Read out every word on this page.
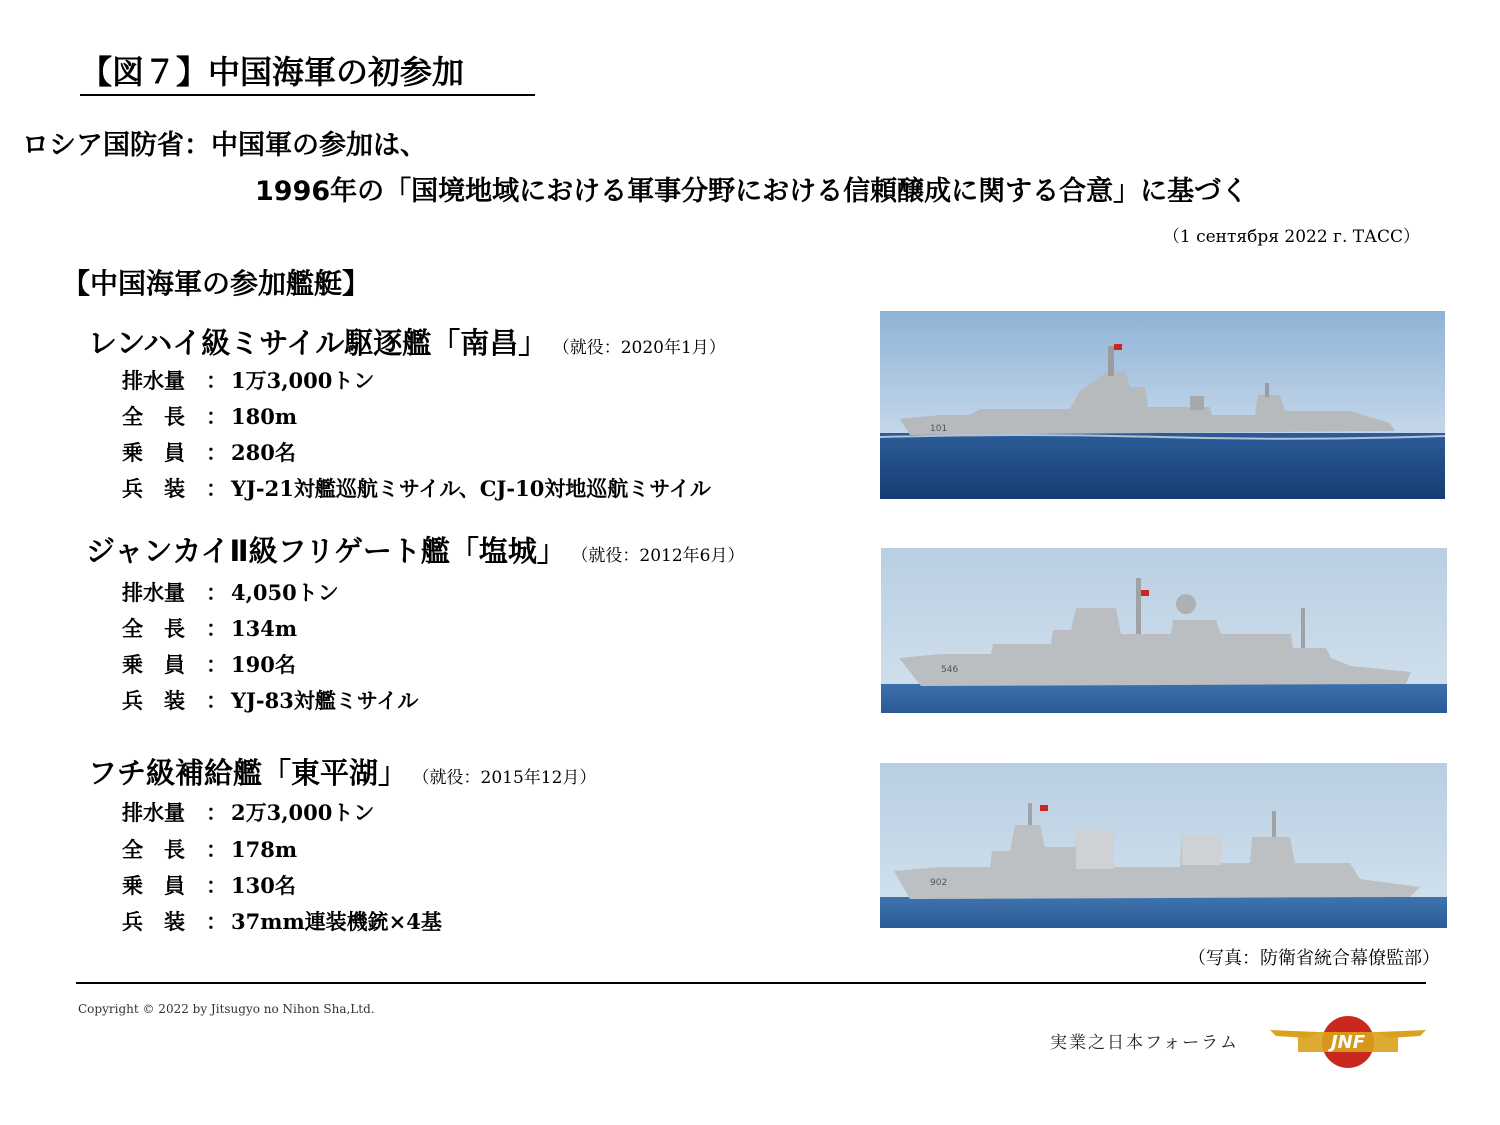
【図７】中国海軍の初参加
ロシア国防省：中国軍の参加は、
1996年の「国境地域における軍事分野における信頼醸成に関する合意」に基づく
（1 сентября 2022 г. ТАСС）
【中国海軍の参加艦艇】
レンハイ級ミサイル駆逐艦「南昌」 （就役：2020年1月）
排水量 ： 1万3,000トン
全　長 ： 180m
乗　員 ： 280名
兵　装 ： YJ-21対艦巡航ミサイル、CJ-10対地巡航ミサイル
101
ジャンカイⅡ級フリゲート艦「塩城」 （就役：2012年6月）
排水量 ： 4,050トン
全　長 ： 134m
乗　員 ： 190名
兵　装 ： YJ-83対艦ミサイル
546
フチ級補給艦「東平湖」 （就役：2015年12月）
排水量 ： 2万3,000トン
全　長 ： 178m
乗　員 ： 130名
兵　装 ： 37mm連装機銃×4基
902
（写真：防衛省統合幕僚監部）
Copyright © 2022 by Jitsugyo no Nihon Sha,Ltd.
実業之日本フォーラム	JNF
